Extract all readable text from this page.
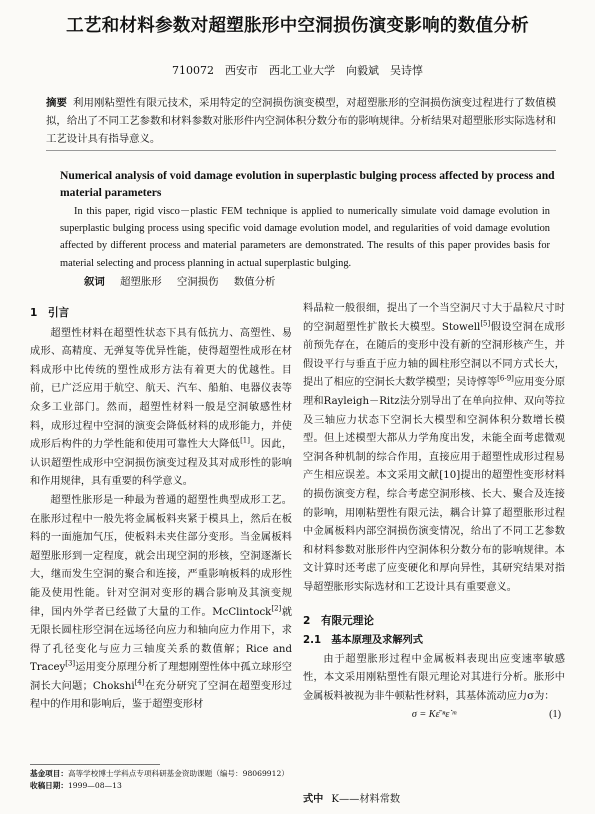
工艺和材料参数对超塑胀形中空洞损伤演变影响的数值分析
710072　西安市　西北工业大学　向毅斌　吴诗惇
摘要 利用刚粘塑性有限元技术，采用特定的空洞损伤演变模型，对超塑胀形的空洞损伤演变过程进行了数值模拟，给出了不同工艺参数和材料参数对胀形件内空洞体积分数分布的影响规律。分析结果对超塑胀形实际选材和工艺设计具有指导意义。
Numerical analysis of void damage evolution in superplastic bulging process affected by process and material parameters
In this paper, rigid visco－plastic FEM technique is applied to numerically simulate void damage evolution in superplastic bulging process using specific void damage evolution model, and regularities of void damage evolution affected by different process and material parameters are demonstrated. The results of this paper provides basis for material selecting and process planning in actual superplastic bulging.
叙词 超塑胀形 空洞损伤 数值分析
1　引言

超塑性材料在超塑性状态下具有低抗力、高塑性、易成形、高精度、无弹复等优异性能，使得超塑性成形在材料成形中比传统的塑性成形方法有着更大的优越性。目前，已广泛应用于航空、航天、汽车、船舶、电器仪表等众多工业部门。然而，超塑性材料一般是空洞敏感性材料，成形过程中空洞的演变会降低材料的成形能力，并使成形后构件的力学性能和使用可靠性大大降低[1]。因此，认识超塑性成形中空洞损伤演变过程及其对成形性的影响和作用规律，具有重要的科学意义。

超塑性胀形是一种最为普通的超塑性典型成形工艺。在胀形过程中一般先将金属板料夹紧于模具上，然后在板料的一面施加气压，使板料未夹住部分变形。当金属板料超塑胀形到一定程度，就会出现空洞的形核，空洞逐渐长大，继而发生空洞的聚合和连接，严重影响板料的成形性能及使用性能。针对空洞对变形的耦合影响及其演变规律，国内外学者已经做了大量的工作。McClintock[2]就无限长圆柱形空洞在远场径向应力和轴向应力作用下，求得了孔径变化与应力三轴度关系的数值解；Rice and Tracey[3]运用变分原理分析了理想刚塑性体中孤立球形空洞长大问题；Chokshi[4]在充分研究了空洞在超塑变形过程中的作用和影响后，鉴于超塑变形材

料晶粒一般很细，提出了一个当空洞尺寸大于晶粒尺寸时的空洞超塑性扩散长大模型。Stowell[5]假设空洞在成形前预先存在，在随后的变形中没有新的空洞形核产生，并假设平行与垂直于应力轴的圆柱形空洞以不同方式长大，提出了相应的空洞长大数学模型；吴诗惇等[6-9]应用变分原理和Rayleigh－Ritz法分别导出了在单向拉伸、双向等拉及三轴应力状态下空洞长大模型和空洞体积分数增长模型。但上述模型大都从力学角度出发，未能全面考虑微观空洞各种机制的综合作用，直接应用于超塑性成形过程易产生相应误差。本文采用文献[10]提出的超塑性变形材料的损伤演变方程，综合考虑空洞形核、长大、聚合及连接的影响，用刚粘塑性有限元法，耦合计算了超塑胀形过程中金属板料内部空洞损伤演变情况，给出了不同工艺参数和材料参数对胀形件内空洞体积分数分布的影响规律。本文计算时还考虑了应变硬化和厚向异性，其研究结果对指导超塑胀形实际选材和工艺设计具有重要意义。

2　有限元理论
2.1　基本原理及求解列式

由于超塑胀形过程中金属板料表现出应变速率敏感性，本文采用刚粘塑性有限元理论对其进行分析。胀形中金属板料被视为非牛顿粘性材料，其基体流动应力σ为：

σ = Kε̄ ⁿε̇ ᵐ	(1)
基金项目：高等学校博士学科点专项科研基金资助课题（编号：98069912）
收稿日期：1999—08—13
式中 K——材料常数
